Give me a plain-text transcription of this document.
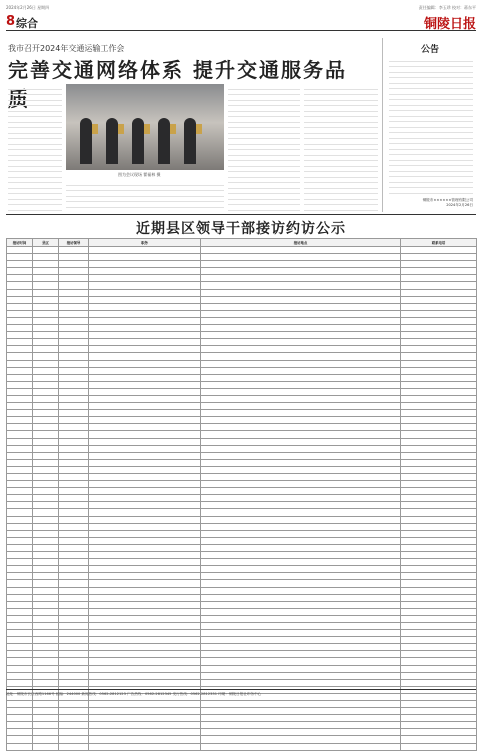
2024年2月26日 星期四	责任编辑：李玉珍 校对：蒋东平
8 综合	铜陵日报
我市召开2024年交通运输工作会
完善交通网络体系 提升交通服务品质
图为会议现场 翟福林 摄
公告
铜陵市××××××管理有限公司
2024年2月26日
近期县区领导干部接访约访公示
接访时间	县区	接访领导	职务	接访地点	联系电话

地址：铜陵市长江西路1166号 邮编：244000 新闻热线：0562-2812123 广告热线：0562-2812345 发行热线：0562-2812331 印刷：铜陵日报社印务中心
